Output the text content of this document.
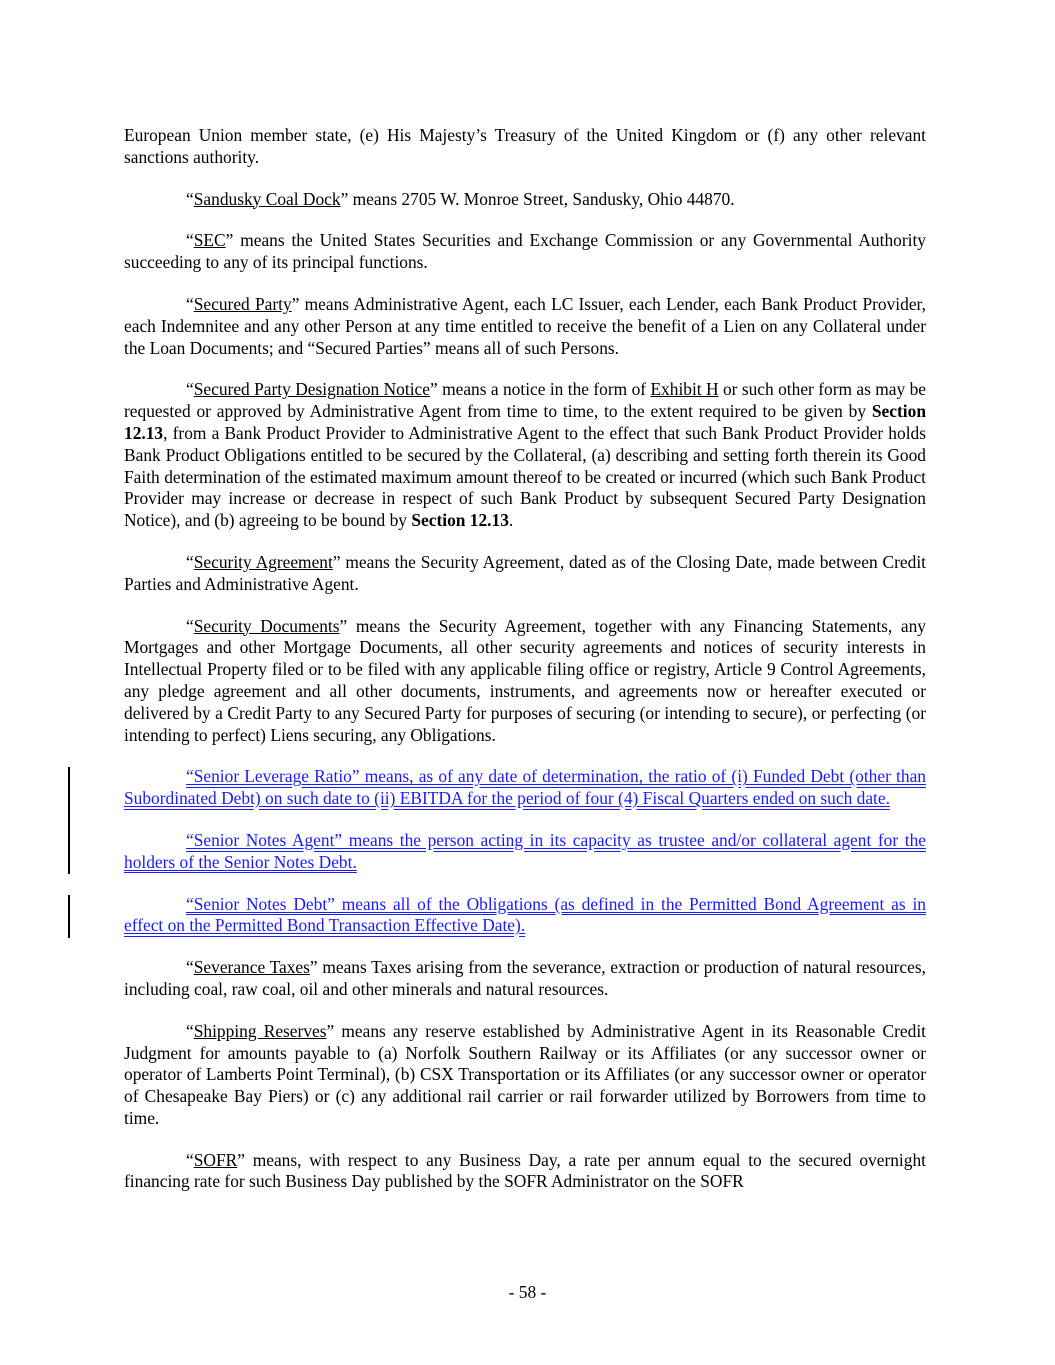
European Union member state, (e) His Majesty’s Treasury of the United Kingdom or (f) any other relevant sanctions authority.

“Sandusky Coal Dock” means 2705 W. Monroe Street, Sandusky, Ohio 44870.

“SEC” means the United States Securities and Exchange Commission or any Governmental Authority succeeding to any of its principal functions.

“Secured Party” means Administrative Agent, each LC Issuer, each Lender, each Bank Product Provider, each Indemnitee and any other Person at any time entitled to receive the benefit of a Lien on any Collateral under the Loan Documents; and “Secured Parties” means all of such Persons.

“Secured Party Designation Notice” means a notice in the form of Exhibit H or such other form as may be requested or approved by Administrative Agent from time to time, to the extent required to be given by Section 12.13, from a Bank Product Provider to Administrative Agent to the effect that such Bank Product Provider holds Bank Product Obligations entitled to be secured by the Collateral, (a) describing and setting forth therein its Good Faith determination of the estimated maximum amount thereof to be created or incurred (which such Bank Product Provider may increase or decrease in respect of such Bank Product by subsequent Secured Party Designation Notice), and (b) agreeing to be bound by Section 12.13.

“Security Agreement” means the Security Agreement, dated as of the Closing Date, made between Credit Parties and Administrative Agent.

“Security Documents” means the Security Agreement, together with any Financing Statements, any Mortgages and other Mortgage Documents, all other security agreements and notices of security interests in Intellectual Property filed or to be filed with any applicable filing office or registry, Article 9 Control Agreements, any pledge agreement and all other documents, instruments, and agreements now or hereafter executed or delivered by a Credit Party to any Secured Party for purposes of securing (or intending to secure), or perfecting (or intending to perfect) Liens securing, any Obligations.

“Senior Leverage Ratio” means, as of any date of determination, the ratio of (i) Funded Debt (other than Subordinated Debt) on such date to (ii) EBITDA for the period of four (4) Fiscal Quarters ended on such date.

“Senior Notes Agent” means the person acting in its capacity as trustee and/or collateral agent for the holders of the Senior Notes Debt.

“Senior Notes Debt” means all of the Obligations (as defined in the Permitted Bond Agreement as in effect on the Permitted Bond Transaction Effective Date).

“Severance Taxes” means Taxes arising from the severance, extraction or production of natural resources, including coal, raw coal, oil and other minerals and natural resources.

“Shipping Reserves” means any reserve established by Administrative Agent in its Reasonable Credit Judgment for amounts payable to (a) Norfolk Southern Railway or its Affiliates (or any successor owner or operator of Lamberts Point Terminal), (b) CSX Transportation or its Affiliates (or any successor owner or operator of Chesapeake Bay Piers) or (c) any additional rail carrier or rail forwarder utilized by Borrowers from time to time.

“SOFR” means, with respect to any Business Day, a rate per annum equal to the secured overnight financing rate for such Business Day published by the SOFR Administrator on the SOFR

- 58 -
